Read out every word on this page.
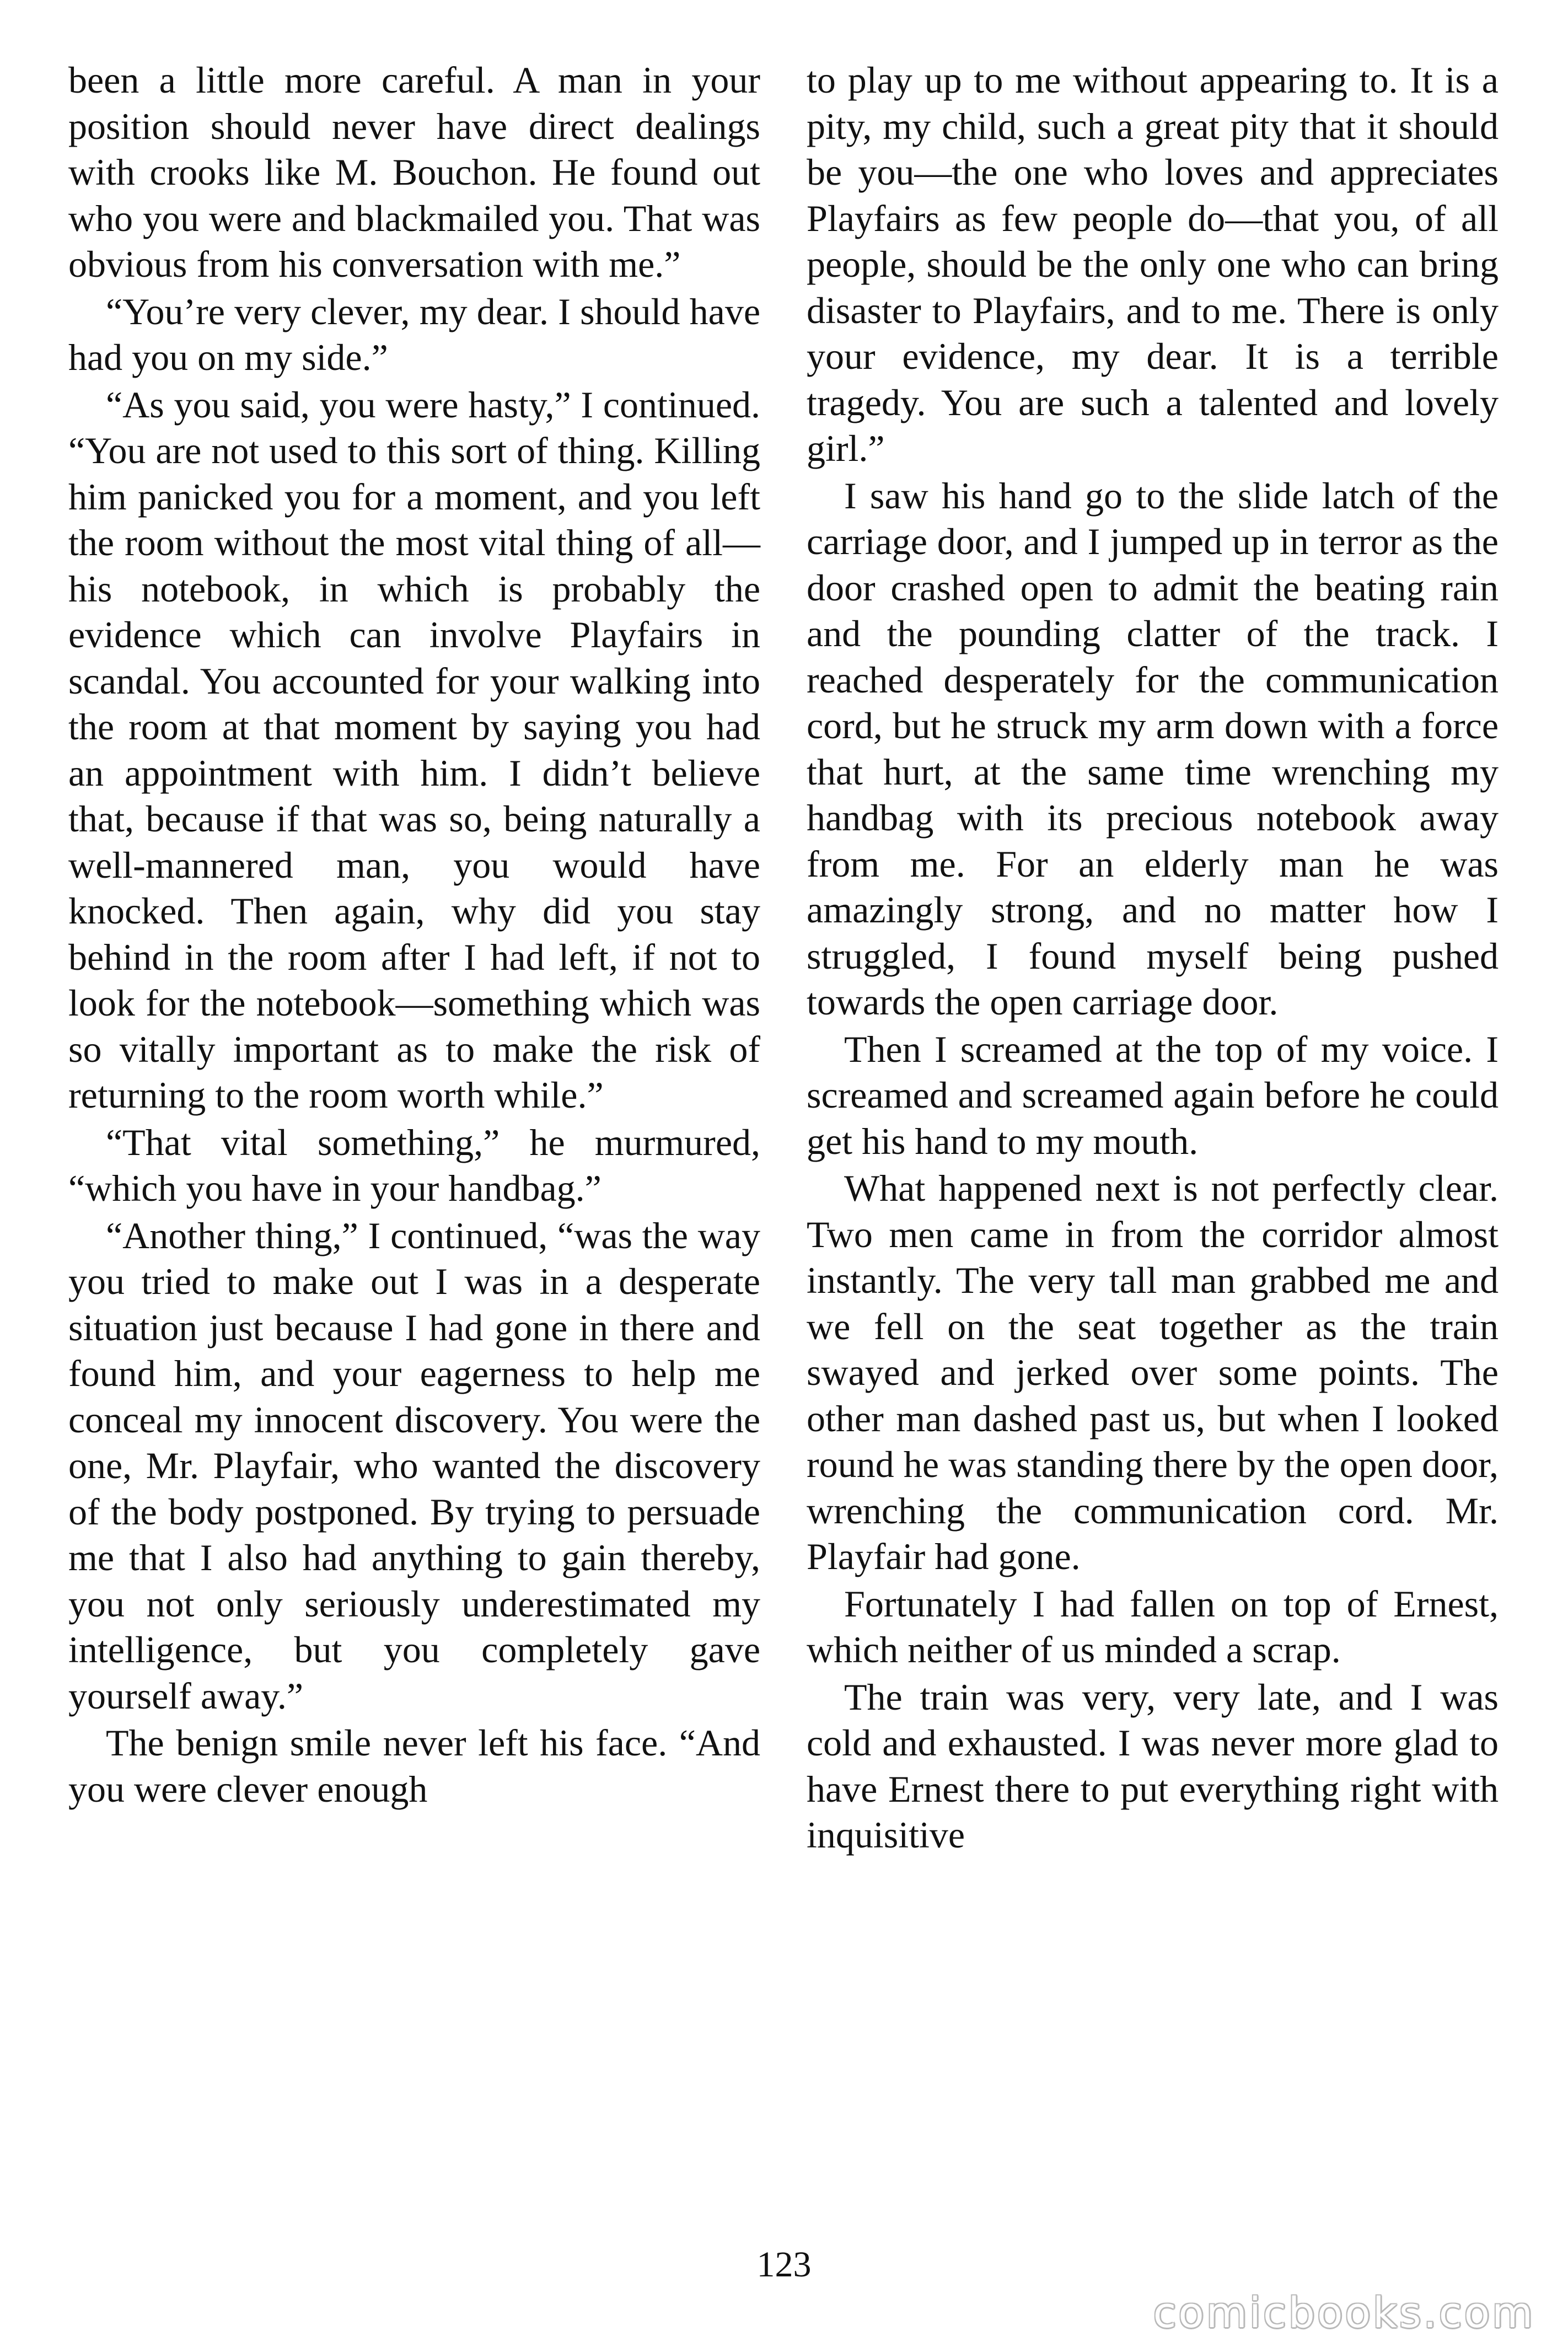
been a little more careful. A man in your position should never have direct dealings with crooks like M. Bouchon. He found out who you were and blackmailed you. That was obvious from his conversation with me.”

“You’re very clever, my dear. I should have had you on my side.”

“As you said, you were hasty,” I continued. “You are not used to this sort of thing. Killing him panicked you for a moment, and you left the room without the most vital thing of all—his notebook, in which is probably the evidence which can involve Playfairs in scandal. You accounted for your walking into the room at that moment by saying you had an appointment with him. I didn’t believe that, because if that was so, being naturally a well-mannered man, you would have knocked. Then again, why did you stay behind in the room after I had left, if not to look for the notebook—something which was so vitally important as to make the risk of returning to the room worth while.”

“That vital something,” he murmured, “which you have in your handbag.”

“Another thing,” I continued, “was the way you tried to make out I was in a desperate situation just because I had gone in there and found him, and your eagerness to help me conceal my innocent discovery. You were the one, Mr. Playfair, who wanted the discovery of the body postponed. By trying to persuade me that I also had anything to gain thereby, you not only seriously underestimated my intelligence, but you completely gave yourself away.”

The benign smile never left his face. “And you were clever enough

to play up to me without appearing to. It is a pity, my child, such a great pity that it should be you—the one who loves and appreciates Playfairs as few people do—that you, of all people, should be the only one who can bring disaster to Playfairs, and to me. There is only your evidence, my dear. It is a terrible tragedy. You are such a talented and lovely girl.”

I saw his hand go to the slide latch of the carriage door, and I jumped up in terror as the door crashed open to admit the beating rain and the pounding clatter of the track. I reached desperately for the communication cord, but he struck my arm down with a force that hurt, at the same time wrenching my handbag with its precious notebook away from me. For an elderly man he was amazingly strong, and no matter how I struggled, I found myself being pushed towards the open carriage door.

Then I screamed at the top of my voice. I screamed and screamed again before he could get his hand to my mouth.

What happened next is not perfectly clear. Two men came in from the corridor almost instantly. The very tall man grabbed me and we fell on the seat together as the train swayed and jerked over some points. The other man dashed past us, but when I looked round he was standing there by the open door, wrenching the communication cord. Mr. Playfair had gone.

Fortunately I had fallen on top of Ernest, which neither of us minded a scrap.

The train was very, very late, and I was cold and exhausted. I was never more glad to have Ernest there to put everything right with inquisitive

123
comicbooks.com
